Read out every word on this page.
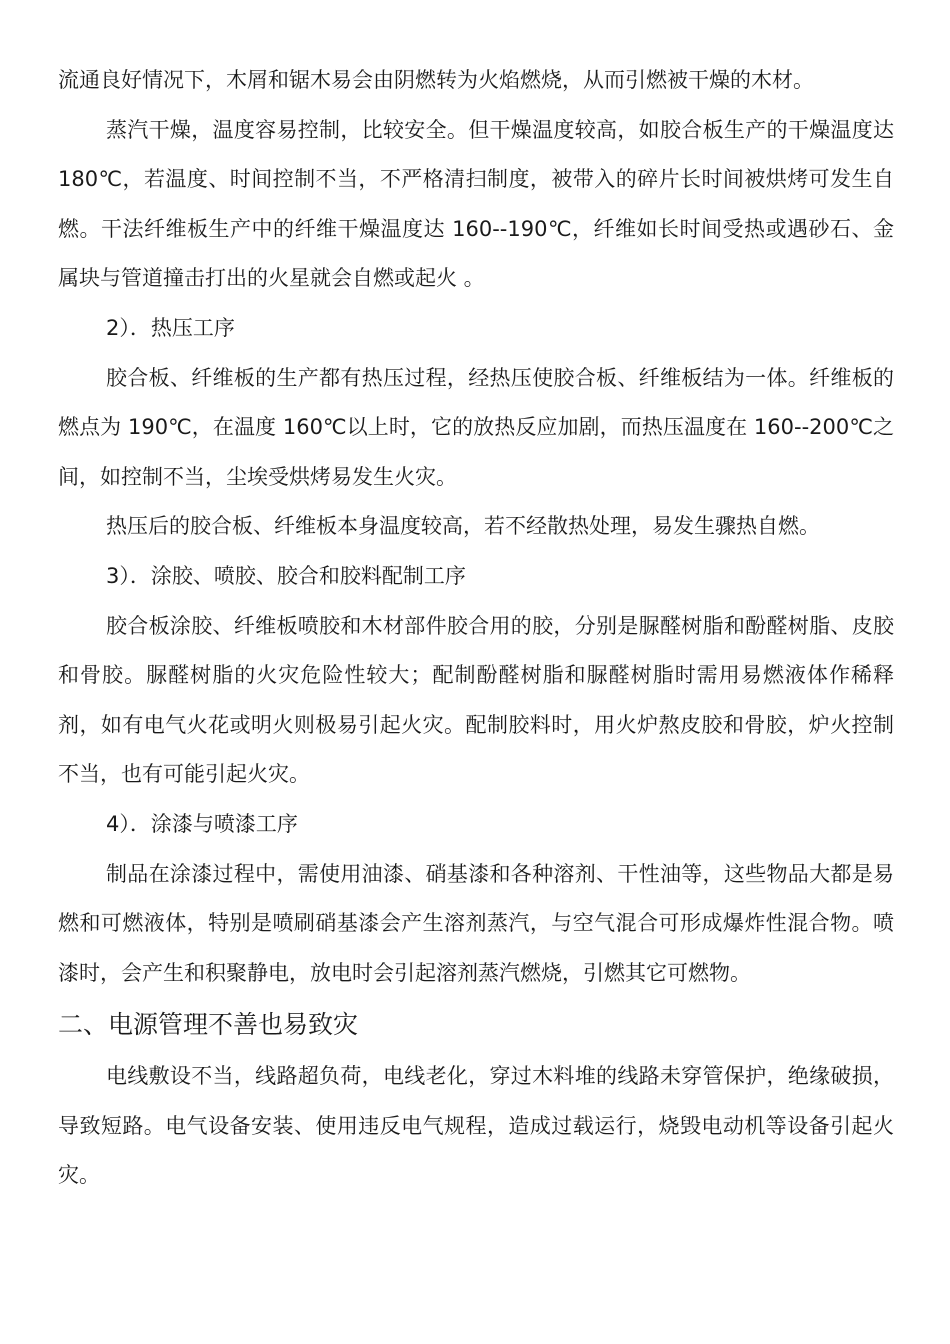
流通良好情况下，木屑和锯木易会由阴燃转为火焰燃烧，从而引燃被干燥的木材。

蒸汽干燥，温度容易控制，比较安全。但干燥温度较高，如胶合板生产的干燥温度达 180℃，若温度、时间控制不当，不严格清扫制度，被带入的碎片长时间被烘烤可发生自燃。干法纤维板生产中的纤维干燥温度达 160--190℃，纤维如长时间受热或遇砂石、金属块与管道撞击打出的火星就会自燃或起火 。

2）．热压工序

胶合板、纤维板的生产都有热压过程，经热压使胶合板、纤维板结为一体。纤维板的燃点为 190℃，在温度 160℃以上时，它的放热反应加剧，而热压温度在 160--200℃之间，如控制不当，尘埃受烘烤易发生火灾。

热压后的胶合板、纤维板本身温度较高，若不经散热处理，易发生骤热自燃。

3）．涂胶、喷胶、胶合和胶料配制工序

胶合板涂胶、纤维板喷胶和木材部件胶合用的胶，分别是脲醛树脂和酚醛树脂、皮胶和骨胶。脲醛树脂的火灾危险性较大；配制酚醛树脂和脲醛树脂时需用易燃液体作稀释剂，如有电气火花或明火则极易引起火灾。配制胶料时，用火炉熬皮胶和骨胶，炉火控制不当，也有可能引起火灾。

4）．涂漆与喷漆工序

制品在涂漆过程中，需使用油漆、硝基漆和各种溶剂、干性油等，这些物品大都是易燃和可燃液体，特别是喷刷硝基漆会产生溶剂蒸汽，与空气混合可形成爆炸性混合物。喷漆时，会产生和积聚静电，放电时会引起溶剂蒸汽燃烧，引燃其它可燃物。

二、电源管理不善也易致灾

电线敷设不当，线路超负荷，电线老化，穿过木料堆的线路未穿管保护，绝缘破损，导致短路。电气设备安装、使用违反电气规程，造成过载运行，烧毁电动机等设备引起火灾。
